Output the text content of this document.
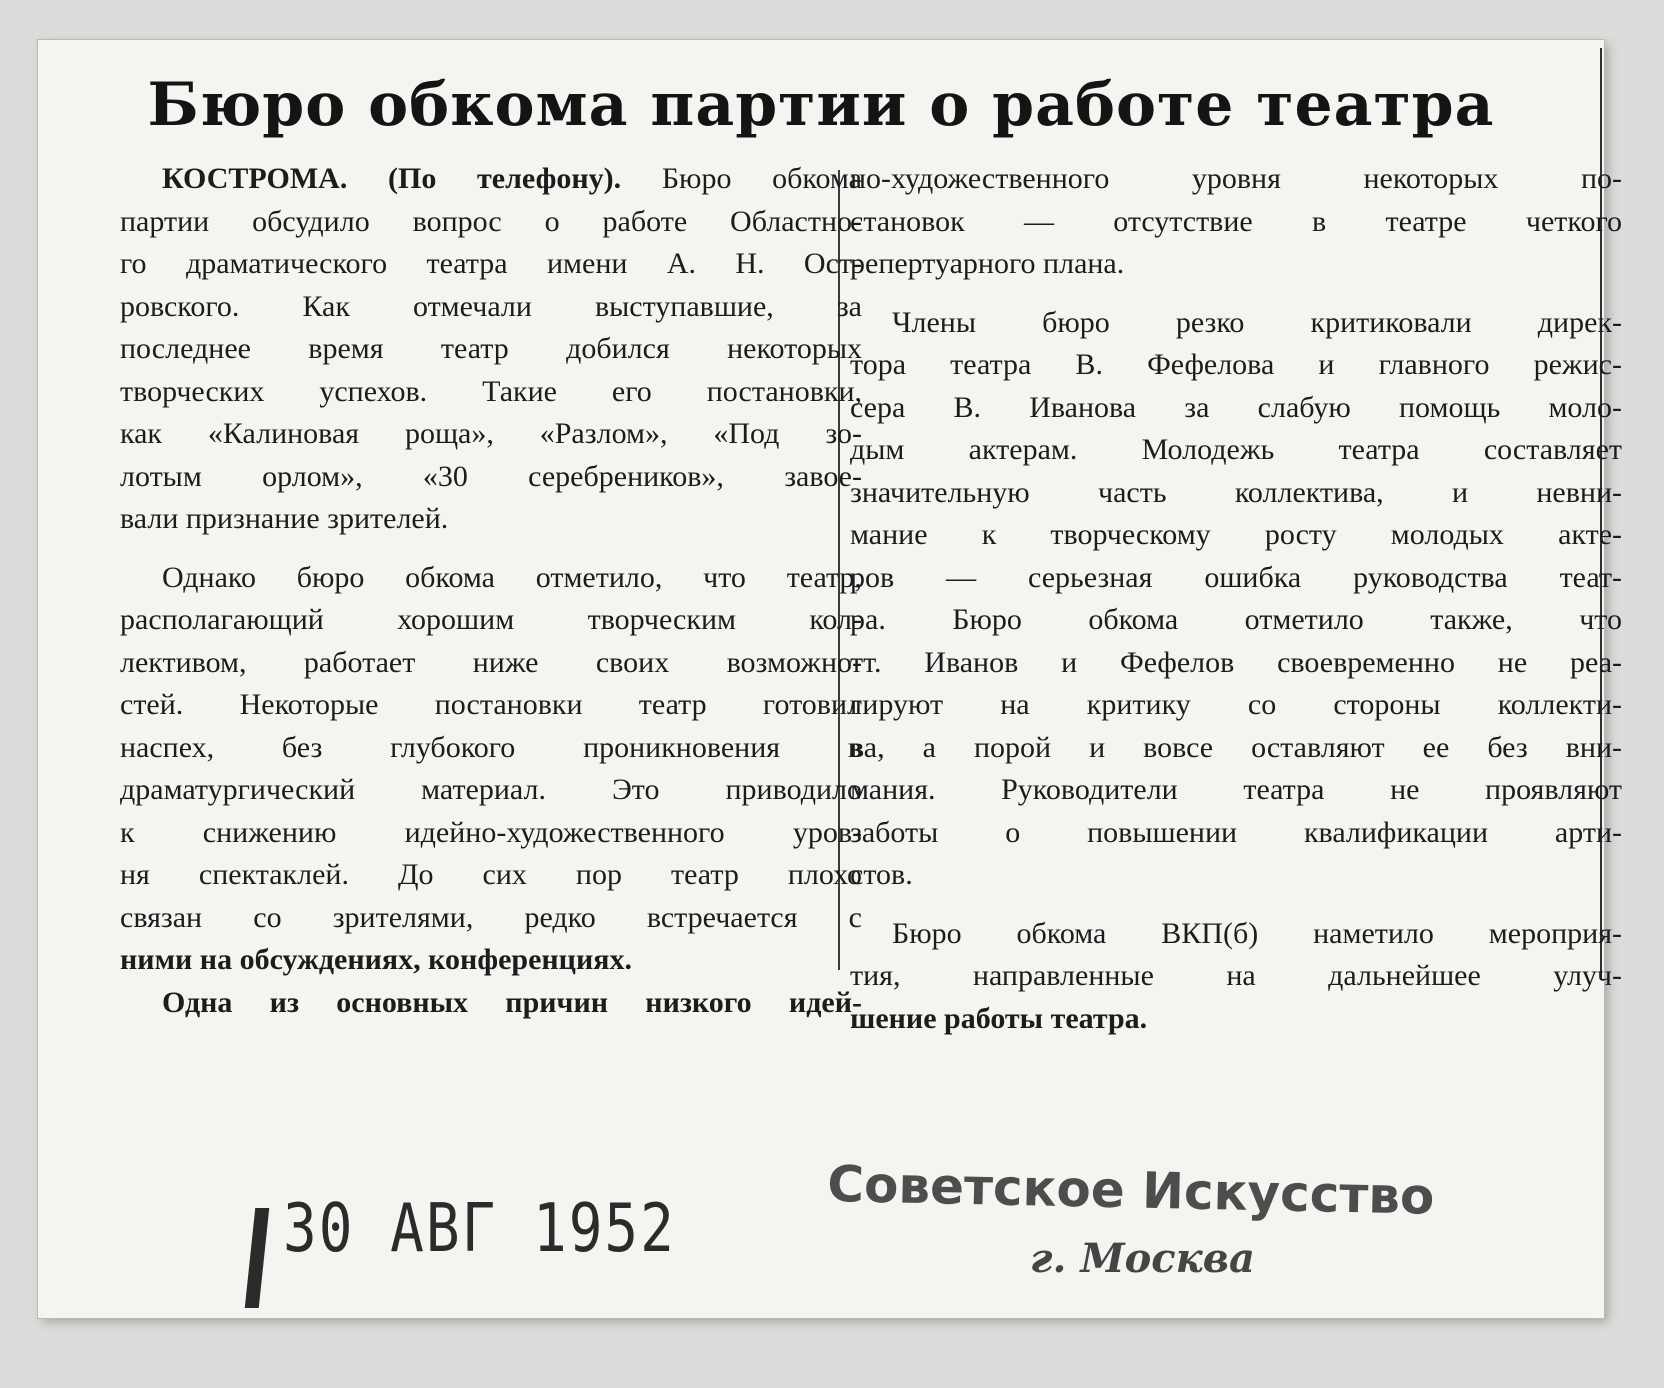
Бюро обкома партии о работе театра
КОСТРОМА. (По телефону). Бюро обкома
партии обсудило вопрос о работе Областно-
го драматического театра имени А. Н. Ост-
ровского. Как отмечали выступавшие, за
последнее время театр добился некоторых
творческих успехов. Такие его постановки,
как «Калиновая роща», «Разлом», «Под зо-
лотым орлом», «30 серебреников», завое-
вали признание зрителей.
Однако бюро обкома отметило, что театр,
располагающий хорошим творческим кол-
лективом, работает ниже своих возможно-
стей. Некоторые постановки театр готовил
наспех, без глубокого проникновения в
драматургический материал. Это приводило
к снижению идейно-художественного уров-
ня спектаклей. До сих пор театр плохо
связан со зрителями, редко встречается с
ними на обсуждениях, конференциях.
Одна из основных причин низкого идей-
но-художественного уровня некоторых по-
становок — отсутствие в театре четкого
репертуарного плана.
Члены бюро резко критиковали дирек-
тора театра В. Фефелова и главного режис-
сера В. Иванова за слабую помощь моло-
дым актерам. Молодежь театра составляет
значительную часть коллектива, и невни-
мание к творческому росту молодых акте-
ров — серьезная ошибка руководства теат-
ра. Бюро обкома отметило также, что
тт. Иванов и Фефелов своевременно не реа-
гируют на критику со стороны коллекти-
ва, а порой и вовсе оставляют ее без вни-
мания. Руководители театра не проявляют
заботы о повышении квалификации арти-
стов.
Бюро обкома ВКП(б) наметило мероприя-
тия, направленные на дальнейшее улуч-
шение работы театра.
30 АВГ 1952	Советское Искусство
г. Москва
